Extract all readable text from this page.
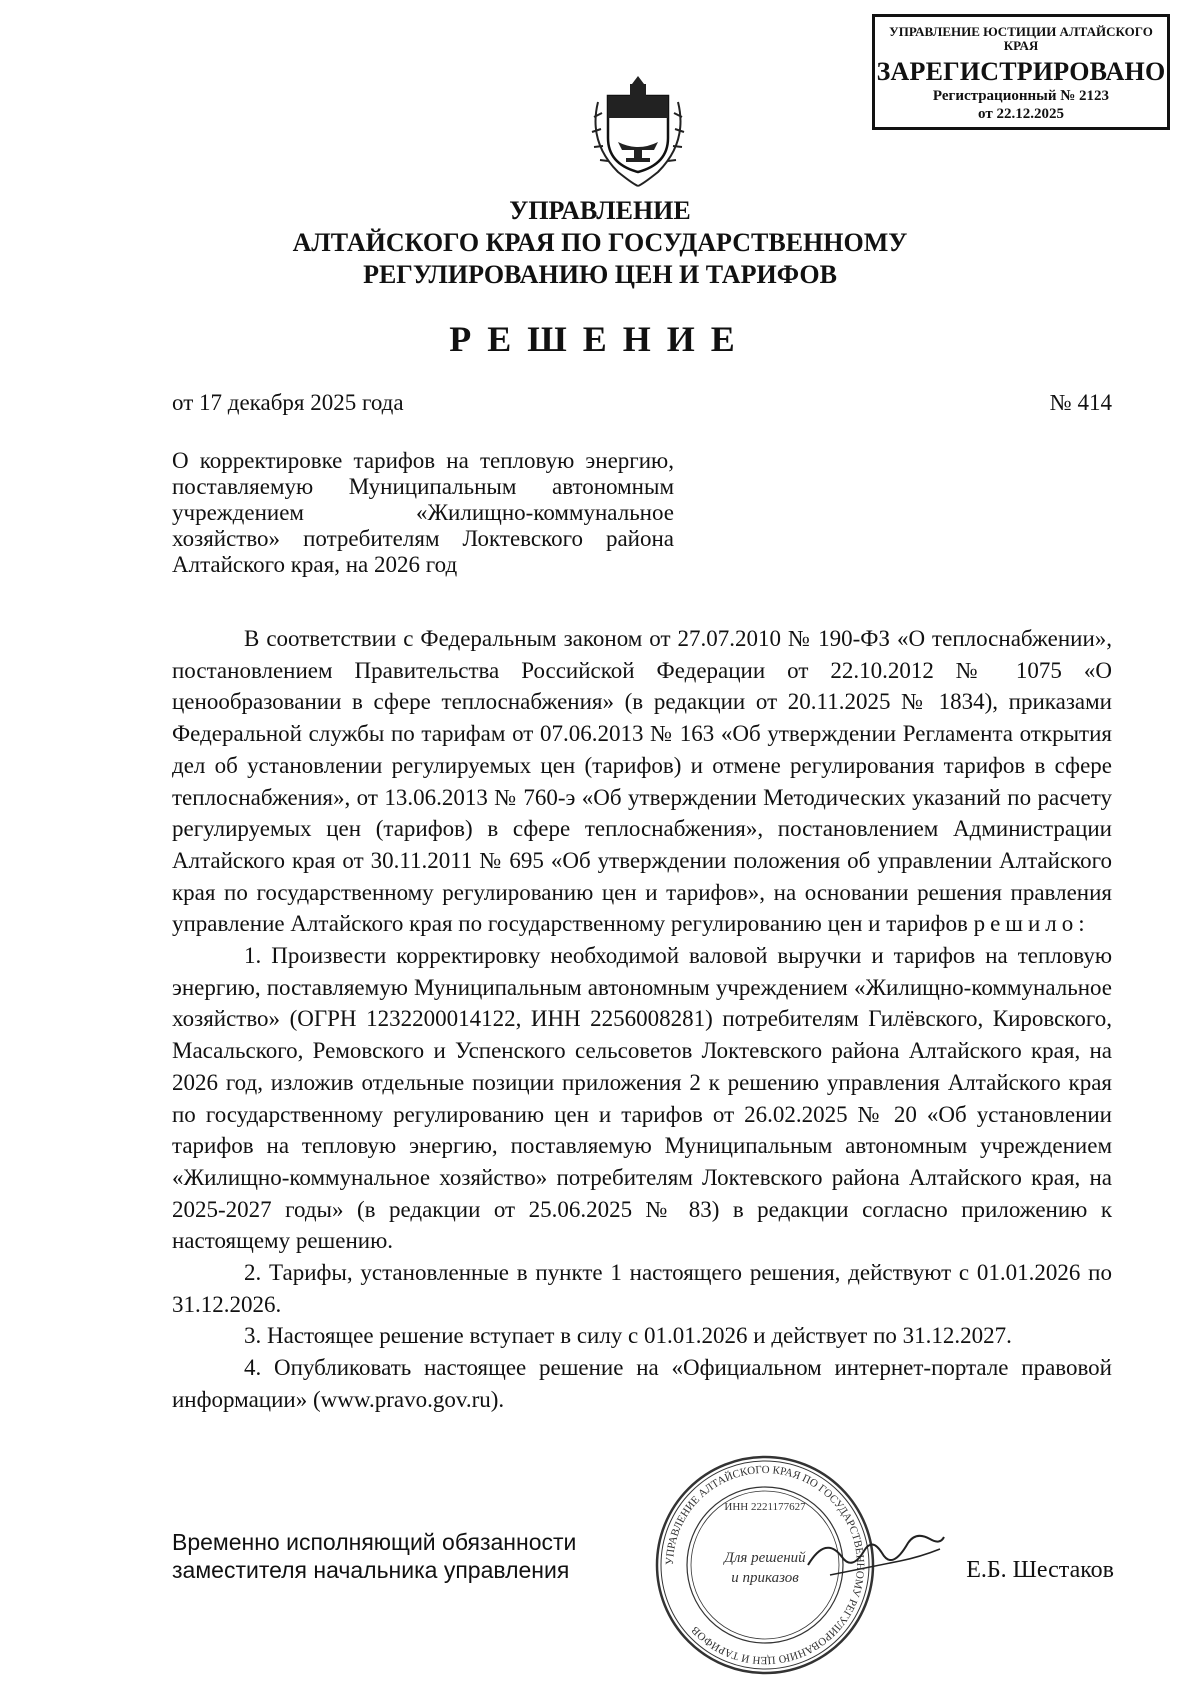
УПРАВЛЕНИЕ ЮСТИЦИИ АЛТАЙСКОГО КРАЯ
ЗАРЕГИСТРИРОВАНО
Регистрационный № 2123
от 22.12.2025
УПРАВЛЕНИЕ
АЛТАЙСКОГО КРАЯ ПО ГОСУДАРСТВЕННОМУ
РЕГУЛИРОВАНИЮ ЦЕН И ТАРИФОВ
РЕШЕНИЕ
от 17 декабря 2025 года	№ 414
О корректировке тарифов на тепловую энергию, поставляемую Муниципальным автономным учреждением «Жилищно-коммунальное хозяйство» потребителям Локтевского района Алтайского края, на 2026 год

В соответствии с Федеральным законом от 27.07.2010 № 190-ФЗ «О теплоснабжении», постановлением Правительства Российской Федерации от 22.10.2012 № 1075 «О ценообразовании в сфере теплоснабжения» (в редакции от 20.11.2025 № 1834), приказами Федеральной службы по тарифам от 07.06.2013 № 163 «Об утверждении Регламента открытия дел об установлении регулируемых цен (тарифов) и отмене регулирования тарифов в сфере теплоснабжения», от 13.06.2013 № 760-э «Об утверждении Методических указаний по расчету регулируемых цен (тарифов) в сфере теплоснабжения», постановлением Администрации Алтайского края от 30.11.2011 № 695 «Об утверждении положения об управлении Алтайского края по государственному регулированию цен и тарифов», на основании решения правления управление Алтайского края по государственному регулированию цен и тарифов решило:

1. Произвести корректировку необходимой валовой выручки и тарифов на тепловую энергию, поставляемую Муниципальным автономным учреждением «Жилищно-коммунальное хозяйство» (ОГРН 1232200014122, ИНН 2256008281) потребителям Гилёвского, Кировского, Масальского, Ремовского и Успенского сельсоветов Локтевского района Алтайского края, на 2026 год, изложив отдельные позиции приложения 2 к решению управления Алтайского края по государственному регулированию цен и тарифов от 26.02.2025 № 20 «Об установлении тарифов на тепловую энергию, поставляемую Муниципальным автономным учреждением «Жилищно-коммунальное хозяйство» потребителям Локтевского района Алтайского края, на 2025-2027 годы» (в редакции от 25.06.2025 № 83) в редакции согласно приложению к настоящему решению.

2. Тарифы, установленные в пункте 1 настоящего решения, действуют с 01.01.2026 по 31.12.2026.

3. Настоящее решение вступает в силу с 01.01.2026 и действует по 31.12.2027.

4. Опубликовать настоящее решение на «Официальном интернет-портале правовой информации» (www.pravo.gov.ru).

Временно исполняющий обязанности
заместителя начальника управления	УПРАВЛЕНИЕ АЛТАЙСКОГО КРАЯ ПО ГОСУДАРСТВЕННОМУ РЕГУЛИРОВАНИЮ ЦЕН И ТАРИФОВ
ИНН 2221177627
Для решений
и приказов	Е.Б. Шестаков
